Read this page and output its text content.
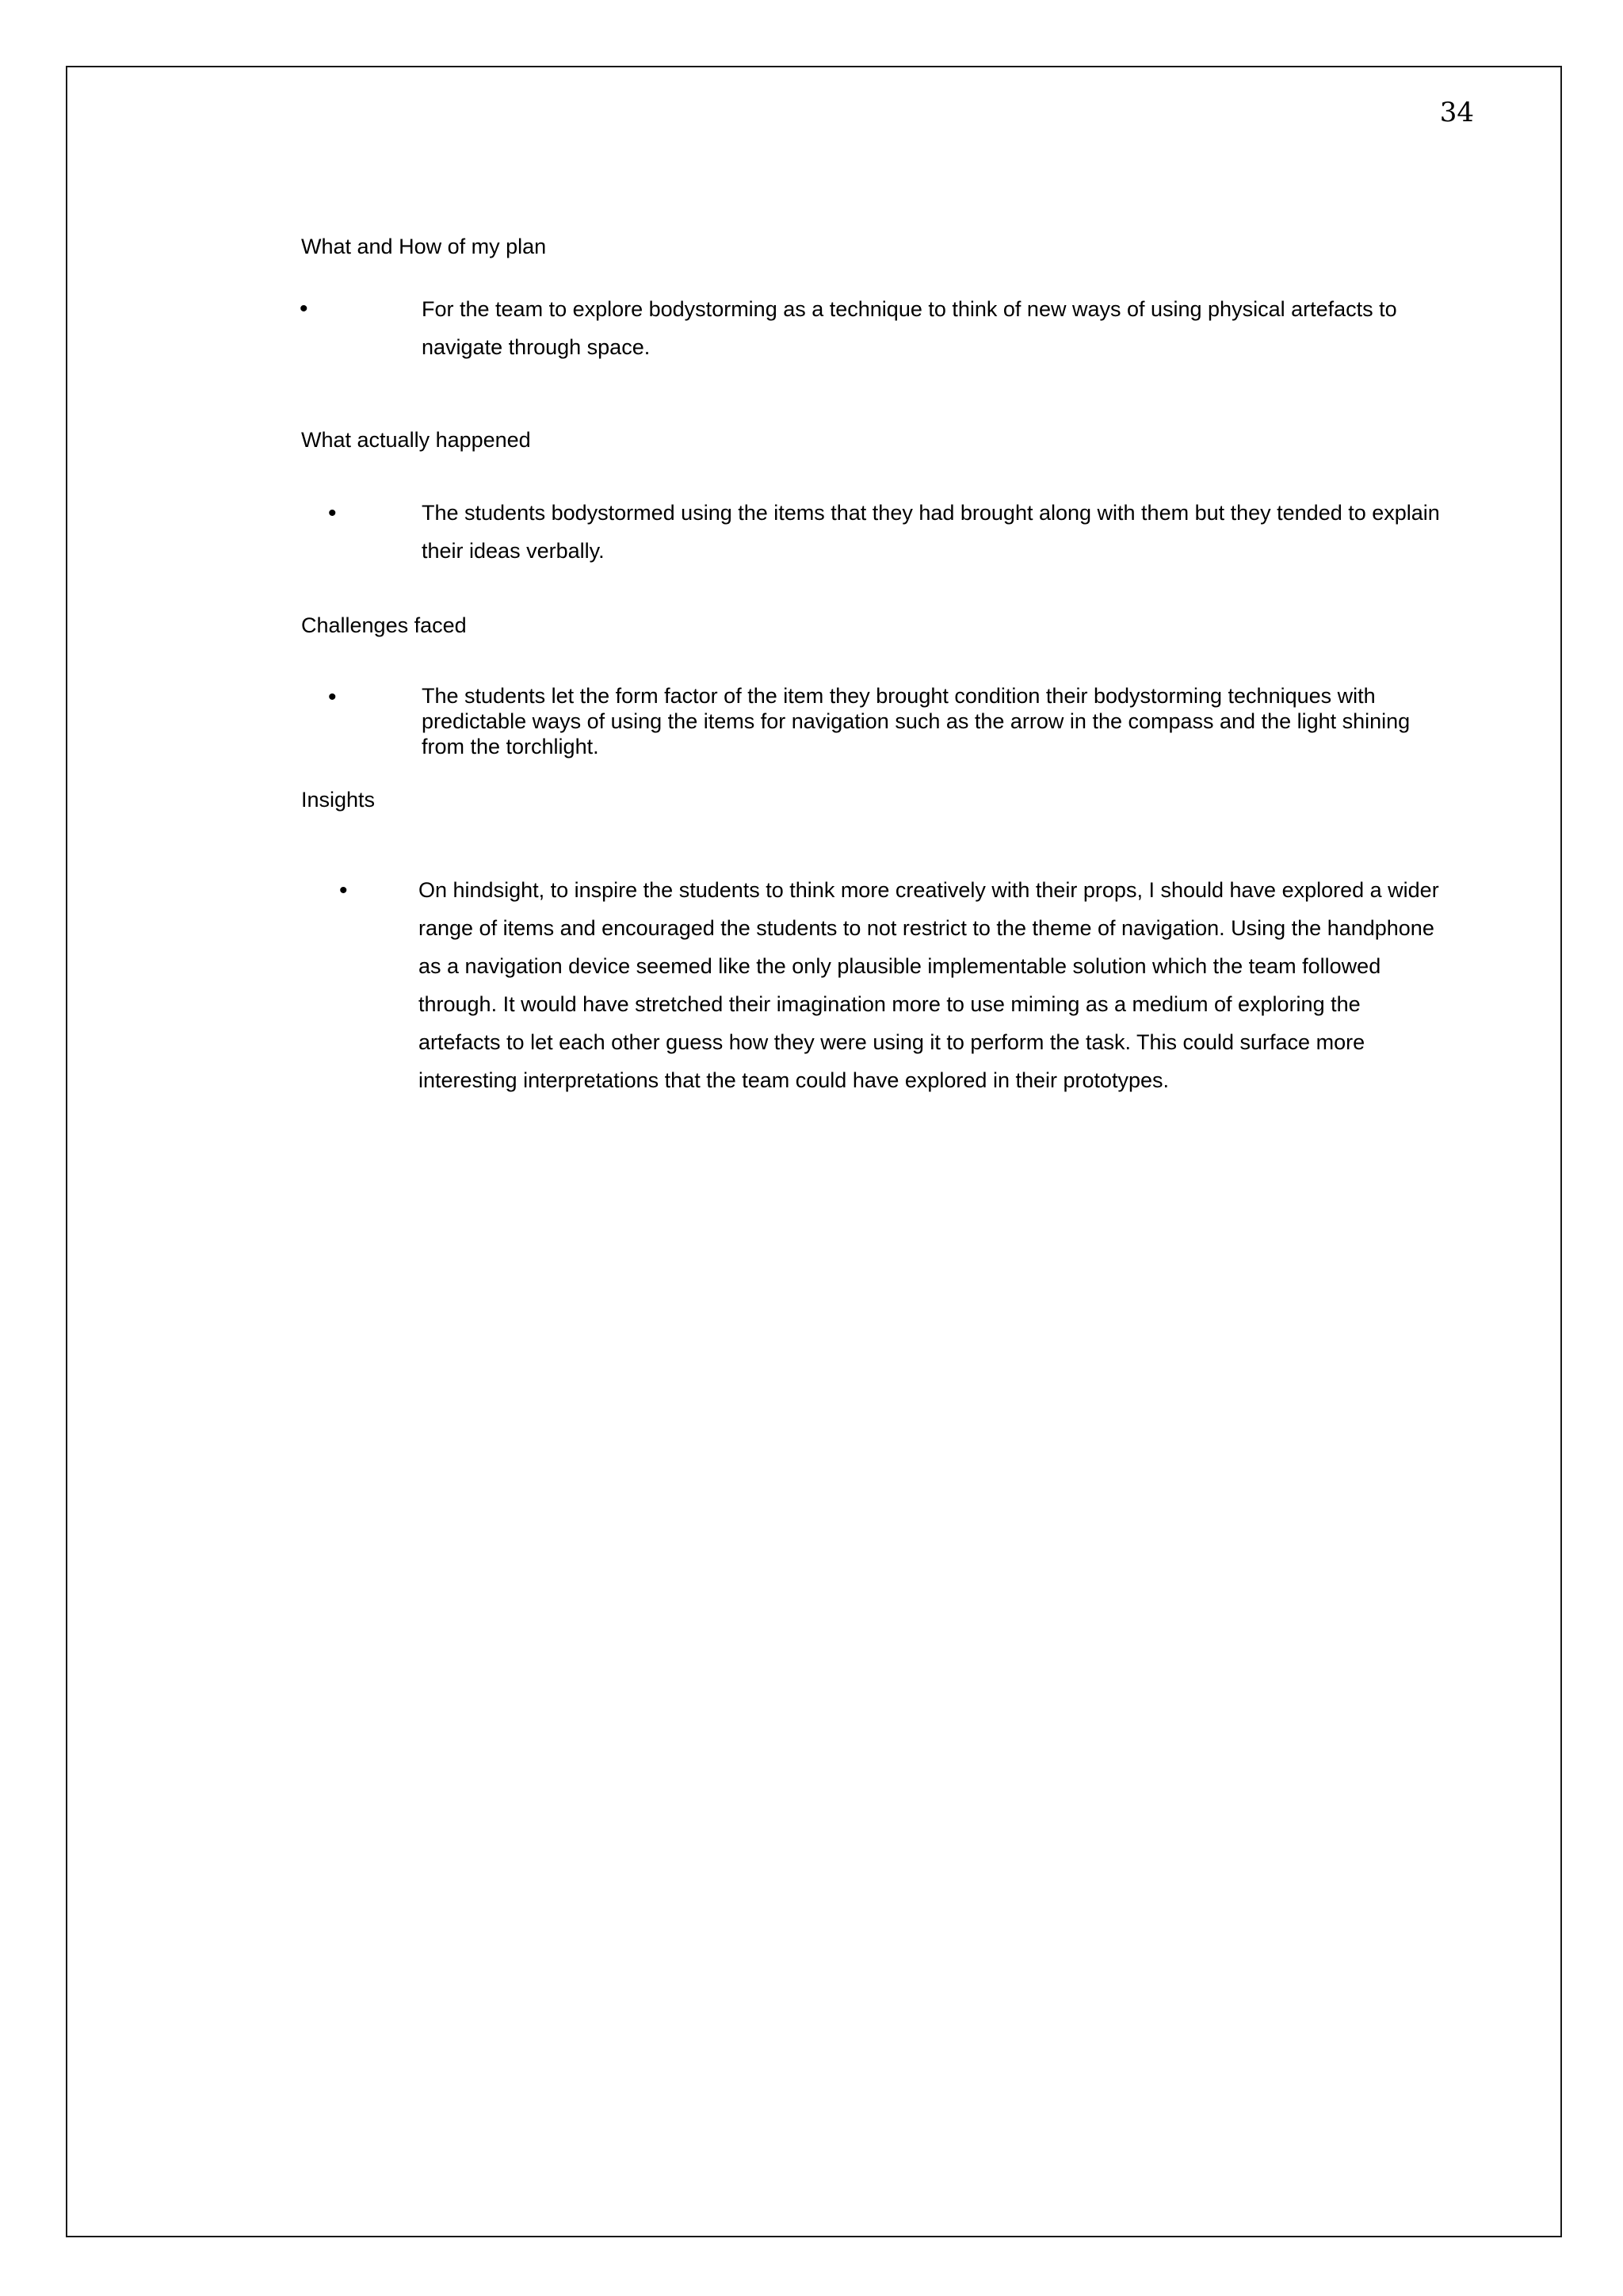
34
What and How of my plan
•	For the team to explore bodystorming as a technique to think of new ways of using physical artefacts to navigate through space.
What actually happened
•	The students bodystormed using the items that they had brought along with them but they tended to explain their ideas verbally.
Challenges faced
•	The students let the form factor of the item they brought condition their bodystorming techniques with predictable ways of using the items for navigation such as the arrow in the compass and the light shining from the torchlight.
Insights
•	On hindsight, to inspire the students to think more creatively with their props, I should have explored a wider range of items and encouraged the students to not restrict to the theme of navigation. Using the handphone as a navigation device seemed like the only plausible implementable solution which the team followed through. It would have stretched their imagination more to use miming as a medium of exploring the artefacts to let each other guess how they were using it to perform the task. This could surface more interesting interpretations that the team could have explored in their prototypes.
